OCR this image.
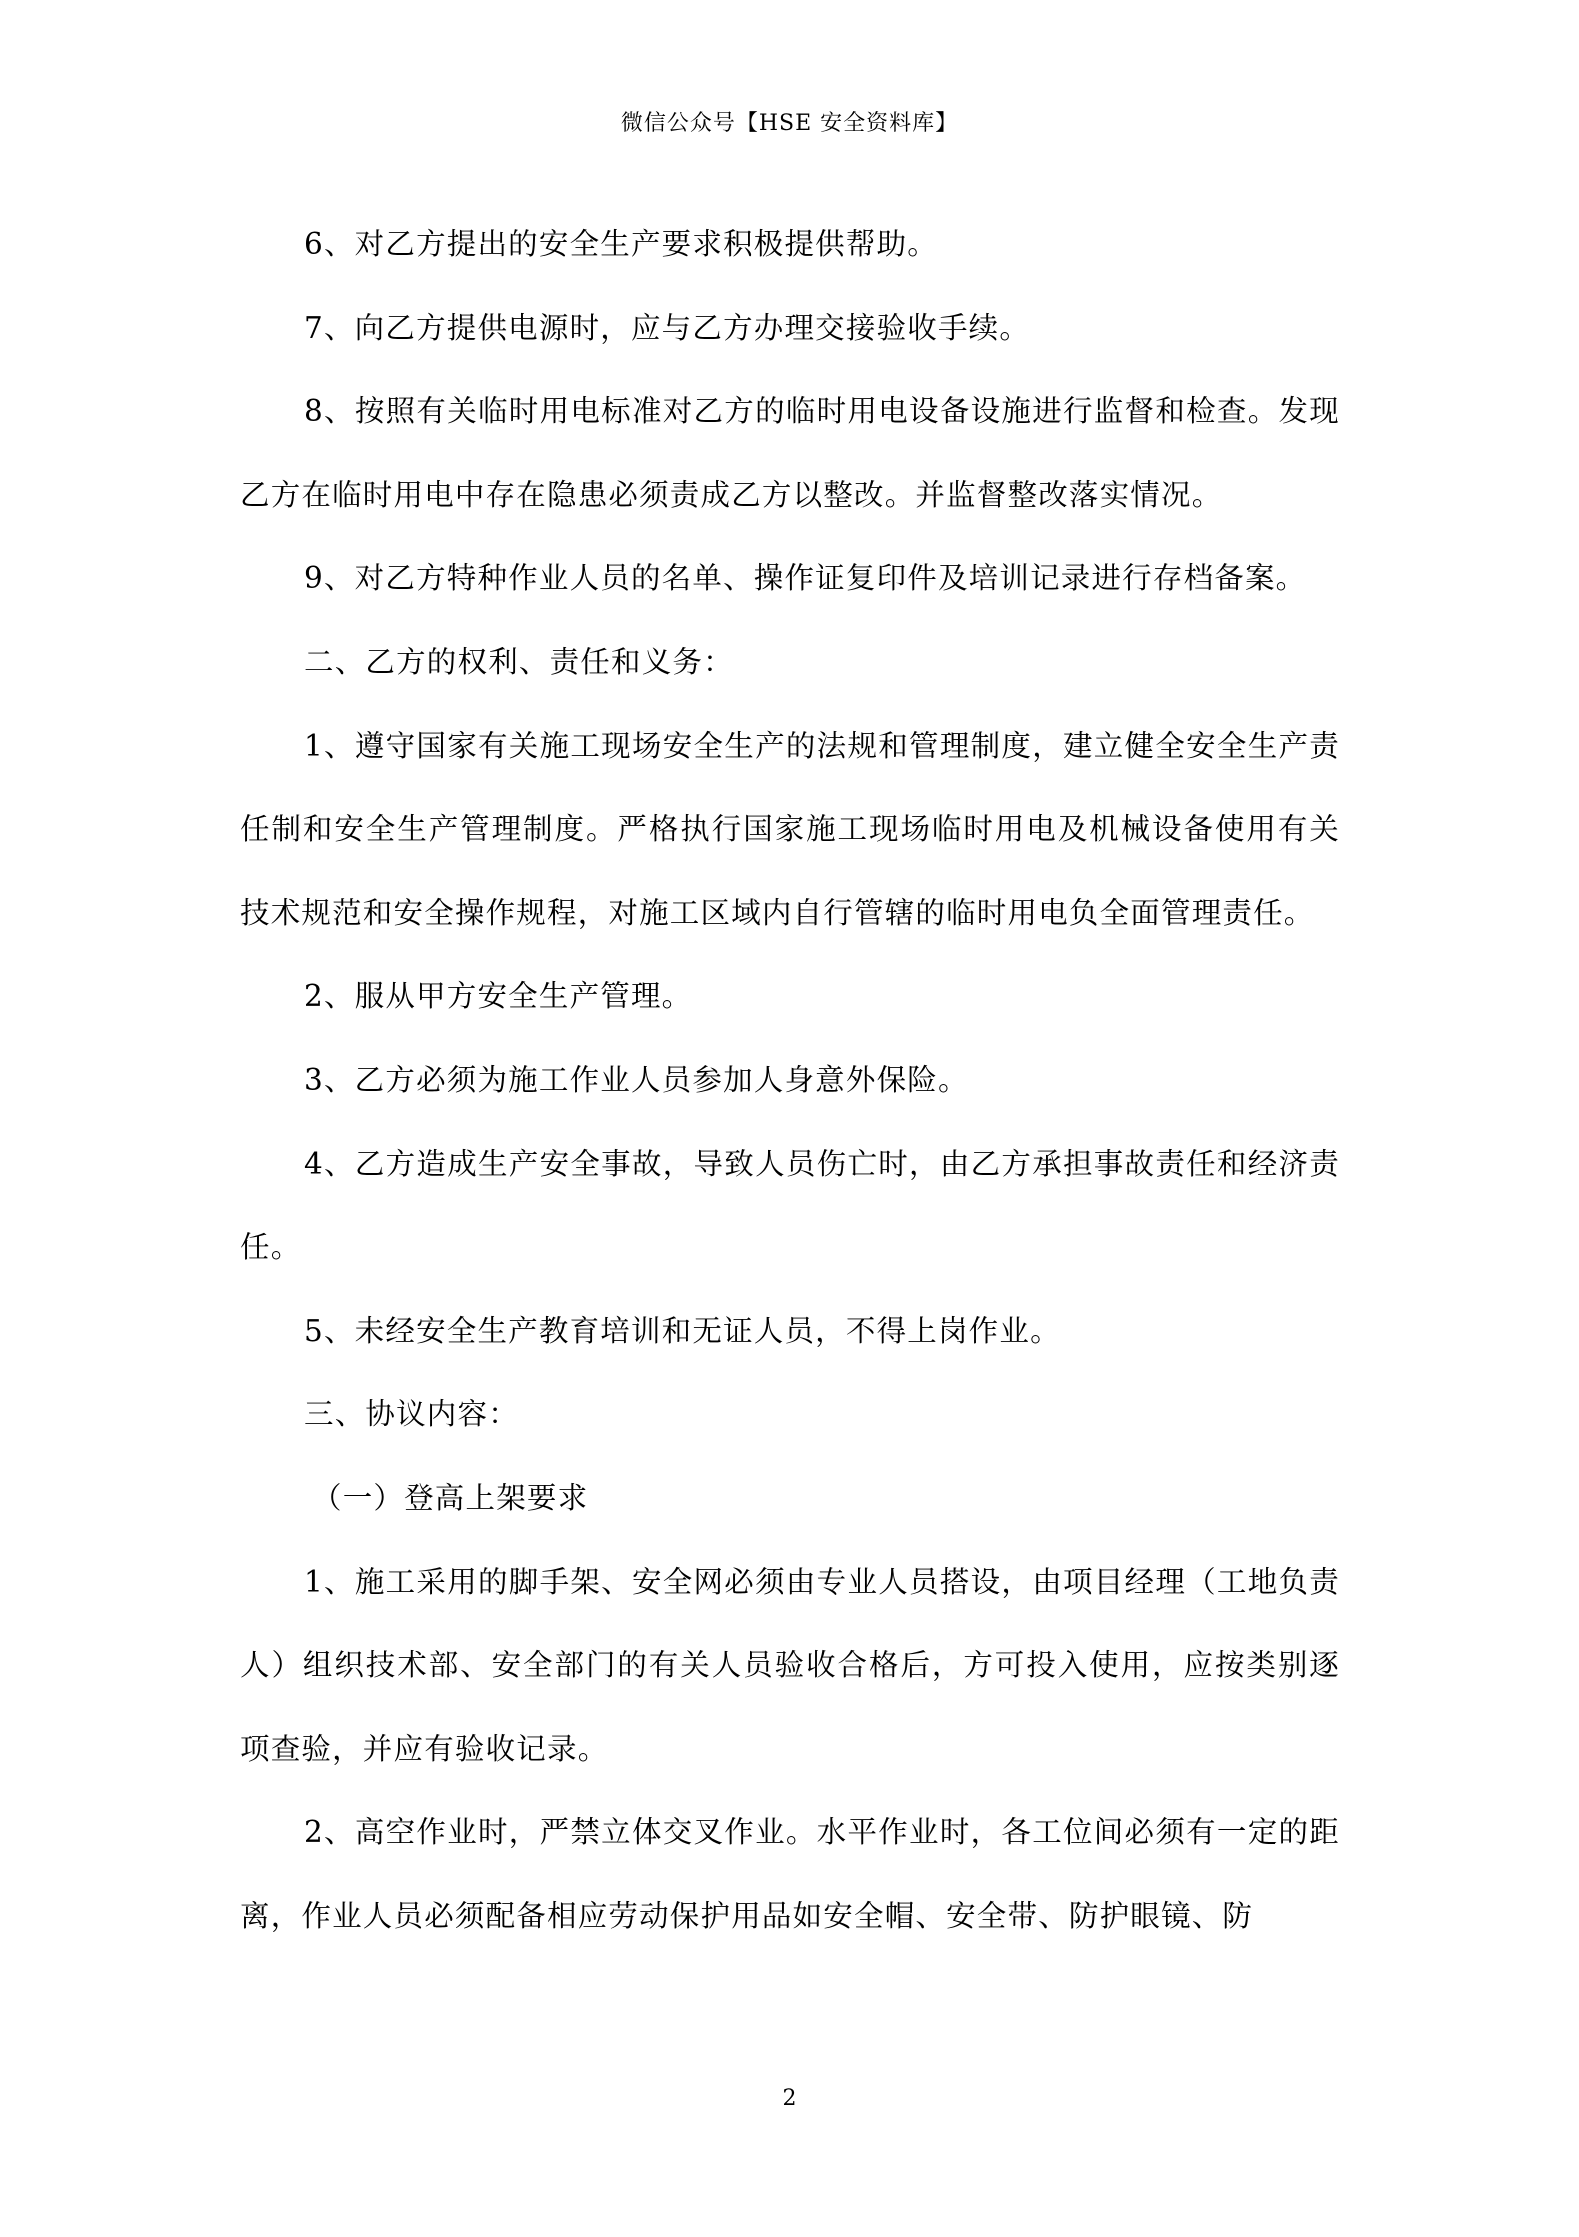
微信公众号【HSE 安全资料库】

6、对乙方提出的安全生产要求积极提供帮助。

7、向乙方提供电源时，应与乙方办理交接验收手续。

8、按照有关临时用电标准对乙方的临时用电设备设施进行监督和检查。发现乙方在临时用电中存在隐患必须责成乙方以整改。并监督整改落实情况。

9、对乙方特种作业人员的名单、操作证复印件及培训记录进行存档备案。

二、乙方的权利、责任和义务：

1、遵守国家有关施工现场安全生产的法规和管理制度，建立健全安全生产责任制和安全生产管理制度。严格执行国家施工现场临时用电及机械设备使用有关技术规范和安全操作规程，对施工区域内自行管辖的临时用电负全面管理责任。

2、服从甲方安全生产管理。

3、乙方必须为施工作业人员参加人身意外保险。

4、乙方造成生产安全事故，导致人员伤亡时，由乙方承担事故责任和经济责任。

5、未经安全生产教育培训和无证人员，不得上岗作业。

三、协议内容：

（一）登高上架要求

1、施工采用的脚手架、安全网必须由专业人员搭设，由项目经理（工地负责人）组织技术部、安全部门的有关人员验收合格后，方可投入使用，应按类别逐项查验，并应有验收记录。

2、高空作业时，严禁立体交叉作业。水平作业时，各工位间必须有一定的距离，作业人员必须配备相应劳动保护用品如安全帽、安全带、防护眼镜、防

2
